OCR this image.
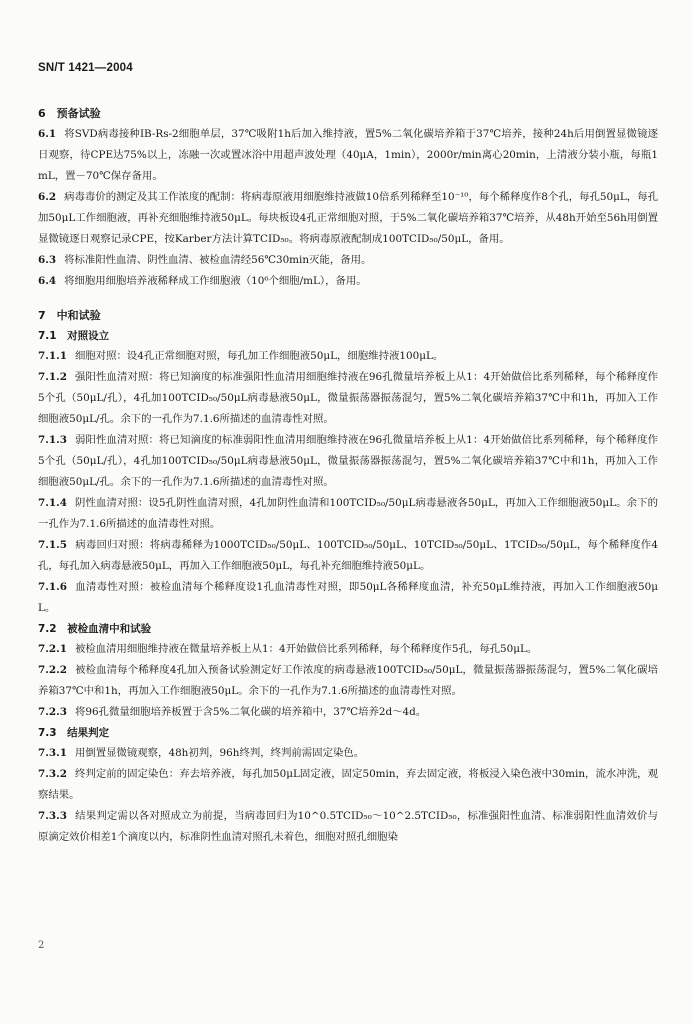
SN/T 1421—2004
6　预备试验

6.1 将SVD病毒接种IB-Rs-2细胞单层，37℃吸附1h后加入维持液，置5%二氧化碳培养箱于37℃培养，接种24h后用倒置显微镜逐日观察，待CPE达75%以上，冻融一次或置冰浴中用超声波处理（40μA，1min），2000r/min离心20min，上清液分装小瓶，每瓶1mL，置－70℃保存备用。

6.2 病毒毒价的测定及其工作浓度的配制：将病毒原液用细胞维持液做10倍系列稀释至10⁻¹⁰，每个稀释度作8个孔，每孔50μL，每孔加50μL工作细胞液，再补充细胞维持液50μL。每块板设4孔正常细胞对照，于5%二氧化碳培养箱37℃培养，从48h开始至56h用倒置显微镜逐日观察记录CPE，按Karber方法计算TCID₅₀。将病毒原液配制成100TCID₅₀/50μL，备用。

6.3 将标准阳性血清、阴性血清、被检血清经56℃30min灭能，备用。

6.4 将细胞用细胞培养液稀释成工作细胞液（10⁶个细胞/mL），备用。

7　中和试验
7.1　对照设立

7.1.1 细胞对照：设4孔正常细胞对照，每孔加工作细胞液50μL，细胞维持液100μL。

7.1.2 强阳性血清对照：将已知滴度的标准强阳性血清用细胞维持液在96孔微量培养板上从1：4开始做倍比系列稀释，每个稀释度作5个孔（50μL/孔），4孔加100TCID₅₀/50μL病毒悬液50μL，微量振荡器振荡混匀，置5%二氧化碳培养箱37℃中和1h，再加入工作细胞液50μL/孔。余下的一孔作为7.1.6所描述的血清毒性对照。

7.1.3 弱阳性血清对照：将已知滴度的标准弱阳性血清用细胞维持液在96孔微量培养板上从1：4开始做倍比系列稀释，每个稀释度作5个孔（50μL/孔），4孔加100TCID₅₀/50μL病毒悬液50μL，微量振荡器振荡混匀，置5%二氧化碳培养箱37℃中和1h，再加入工作细胞液50μL/孔。余下的一孔作为7.1.6所描述的血清毒性对照。

7.1.4 阴性血清对照：设5孔阴性血清对照，4孔加阴性血清和100TCID₅₀/50μL病毒悬液各50μL，再加入工作细胞液50μL。余下的一孔作为7.1.6所描述的血清毒性对照。

7.1.5 病毒回归对照：将病毒稀释为1000TCID₅₀/50μL、100TCID₅₀/50μL、10TCID₅₀/50μL、1TCID₅₀/50μL，每个稀释度作4孔，每孔加入病毒悬液50μL，再加入工作细胞液50μL，每孔补充细胞维持液50μL。

7.1.6 血清毒性对照：被检血清每个稀释度设1孔血清毒性对照，即50μL各稀释度血清，补充50μL维持液，再加入工作细胞液50μL。

7.2　被检血清中和试验

7.2.1 被检血清用细胞维持液在微量培养板上从1：4开始做倍比系列稀释，每个稀释度作5孔，每孔50μL。

7.2.2 被检血清每个稀释度4孔加入预备试验测定好工作浓度的病毒悬液100TCID₅₀/50μL，微量振荡器振荡混匀，置5%二氧化碳培养箱37℃中和1h，再加入工作细胞液50μL。余下的一孔作为7.1.6所描述的血清毒性对照。

7.2.3 将96孔微量细胞培养板置于含5%二氧化碳的培养箱中，37℃培养2d～4d。

7.3　结果判定

7.3.1 用倒置显微镜观察，48h初判，96h终判，终判前需固定染色。

7.3.2 终判定前的固定染色：弃去培养液，每孔加50μL固定液，固定50min，弃去固定液，将板浸入染色液中30min，流水冲洗，观察结果。

7.3.3 结果判定需以各对照成立为前提，当病毒回归为10^0.5TCID₅₀～10^2.5TCID₅₀，标准强阳性血清、标准弱阳性血清效价与原滴定效价相差1个滴度以内，标准阴性血清对照孔未着色，细胞对照孔细胞染

2
